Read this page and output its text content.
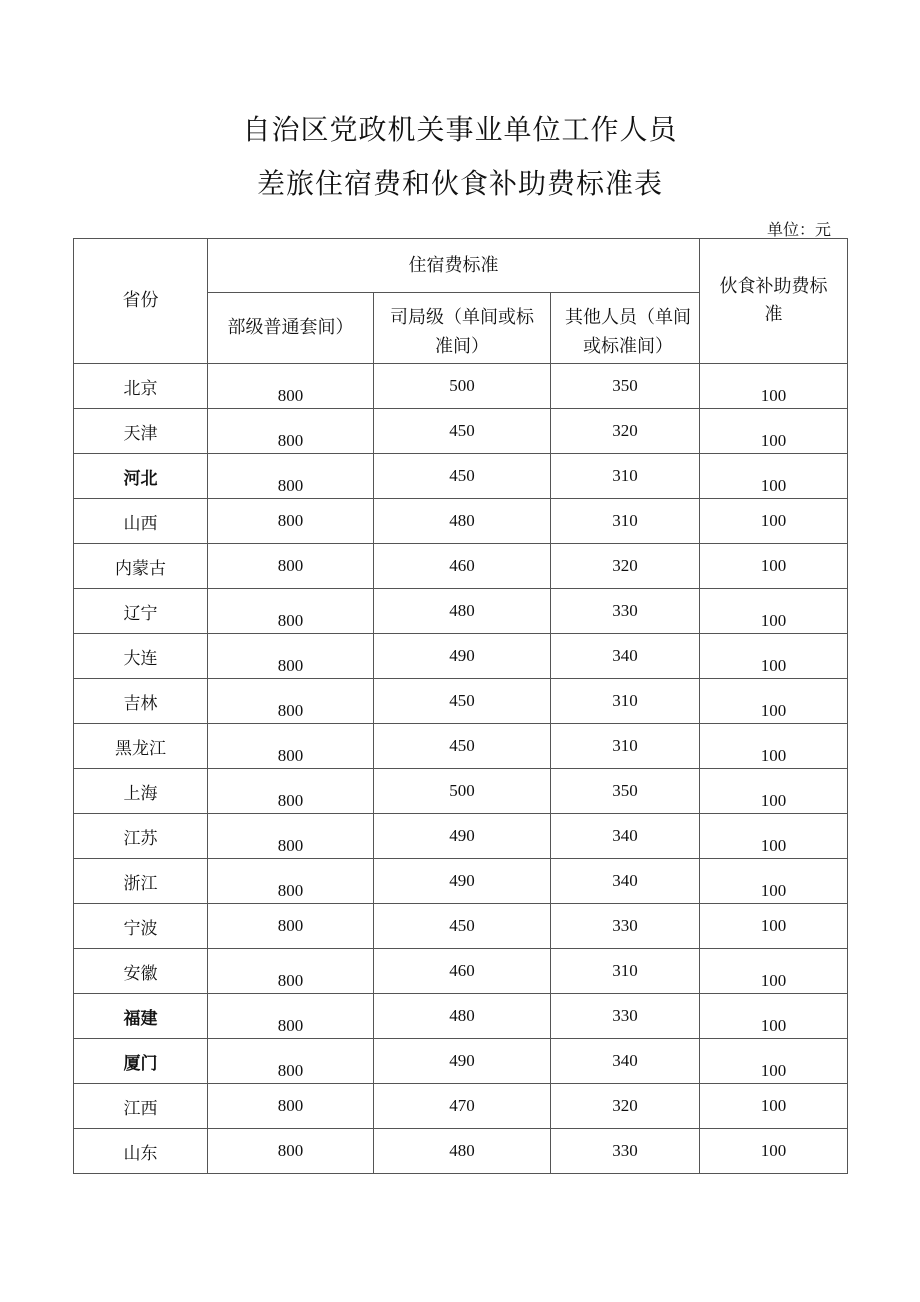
自治区党政机关事业单位工作人员
差旅住宿费和伙食补助费标准表
单位：元
省份	住宿费标准			伙食补助费标准
	部级普通套间）	司局级（单间或标准间）	其他人员（单间或标准间）	
北京	800	500	350	100
天津	800	450	320	100
河北	800	450	310	100
山西	800	480	310	100
内蒙古	800	460	320	100
辽宁	800	480	330	100
大连	800	490	340	100
吉林	800	450	310	100
黑龙江	800	450	310	100
上海	800	500	350	100
江苏	800	490	340	100
浙江	800	490	340	100
宁波	800	450	330	100
安徽	800	460	310	100
福建	800	480	330	100
厦门	800	490	340	100
江西	800	470	320	100
山东	800	480	330	100
